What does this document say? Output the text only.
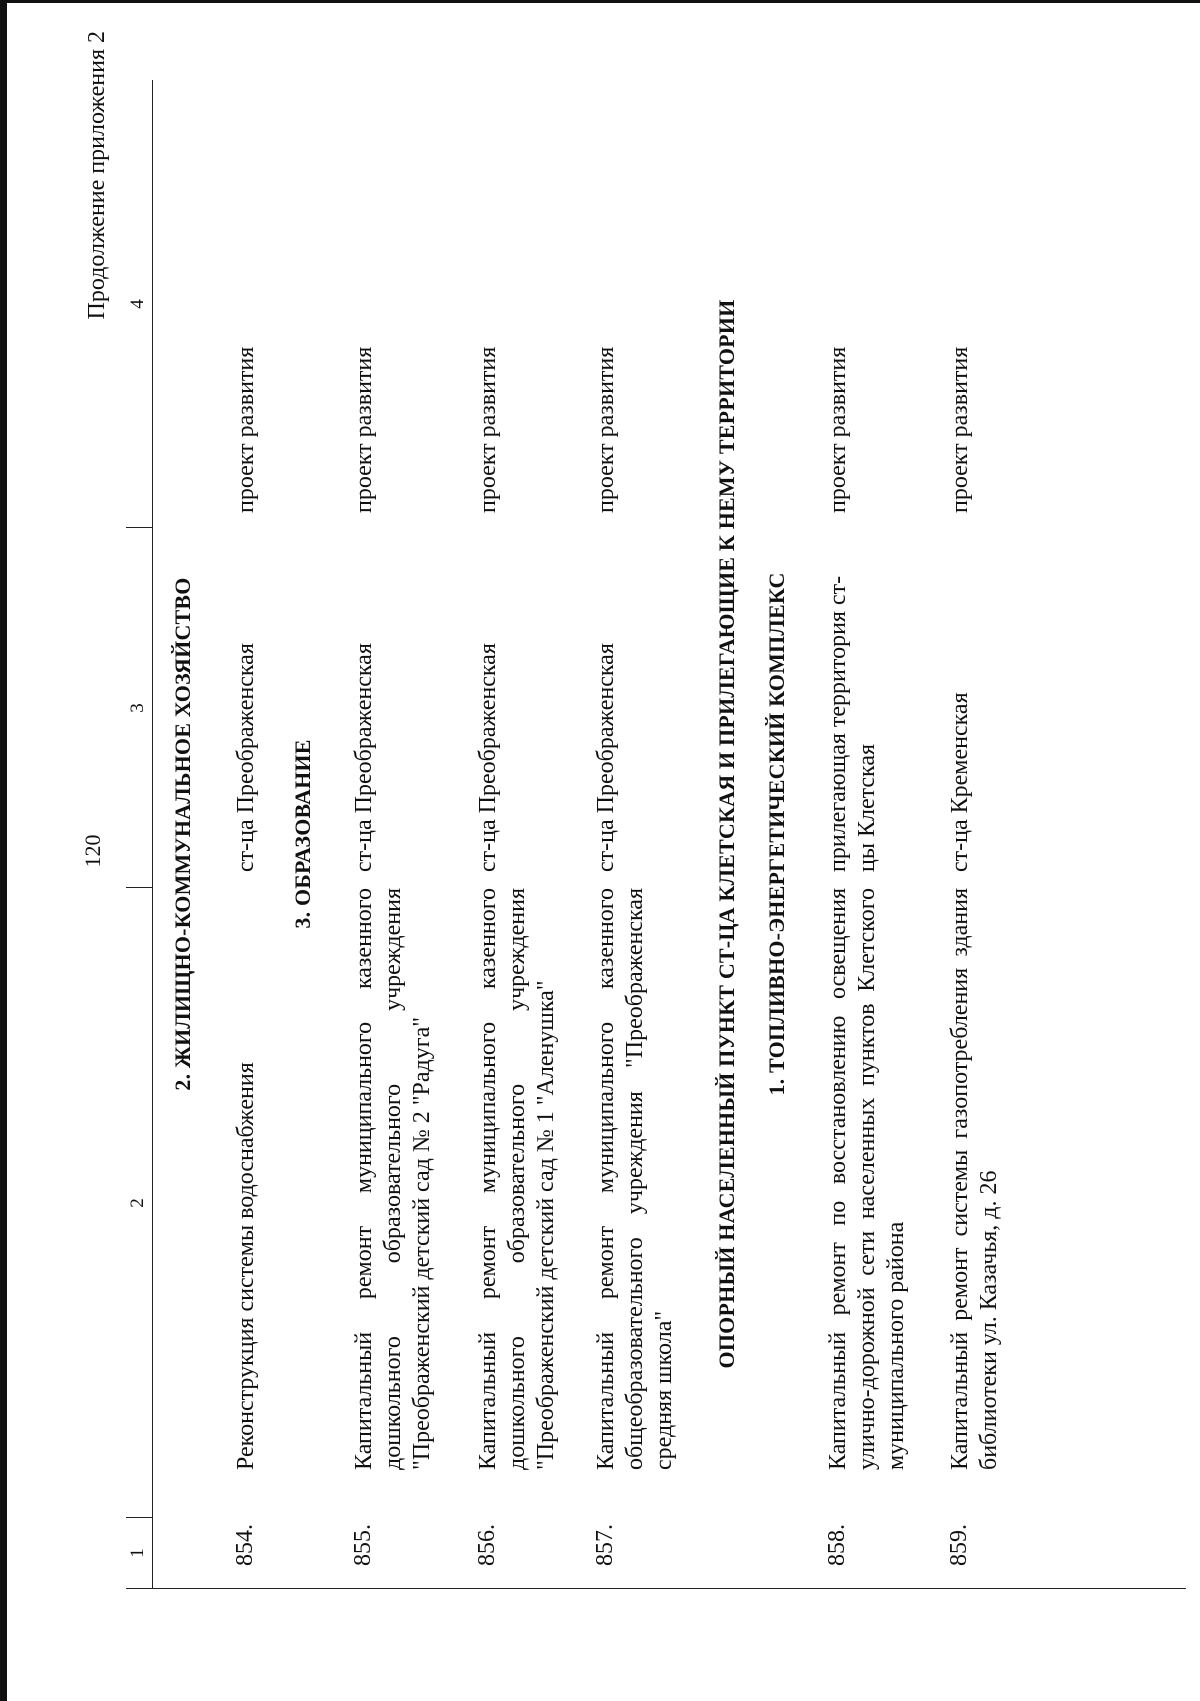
120
Продолжение приложения 2
1
2
3
4
2. ЖИЛИЩНО-КОММУНАЛЬНОЕ ХОЗЯЙСТВО
854.
Реконструкция системы водоснабжения
ст-ца Преображенская
проект развития
3. ОБРАЗОВАНИЕ
855.
Капитальный ремонт муниципального казенного дошкольного образовательного учреждения "Преображенский детский сад № 2 "Радуга"
ст-ца Преображенская
проект развития
856.
Капитальный ремонт муниципального казенного дошкольного образовательного учреждения "Преображенский детский сад № 1 "Аленушка"
ст-ца Преображенская
проект развития
857.
Капитальный ремонт муниципального казенного общеобразовательного учреждения "Преображенская средняя школа"
ст-ца Преображенская
проект развития	ОПОРНЫЙ НАСЕЛЕННЫЙ ПУНКТ СТ-ЦА КЛЕТСКАЯ И ПРИЛЕГАЮЩИЕ К НЕМУ ТЕРРИТОРИИ 1. ТОПЛИВНО-ЭНЕРГЕТИЧЕСКИЙ КОМПЛЕКС
858.
Капитальный ремонт по восстановлению освещения улично-дорожной сети населенных пунктов Клетского муниципального района
прилегающая территория ст-цы Клетская
проект развития
859.
Капитальный ремонт системы газопотребления здания библиотеки ул. Казачья, д. 26
ст-ца Кременская
проект развития
